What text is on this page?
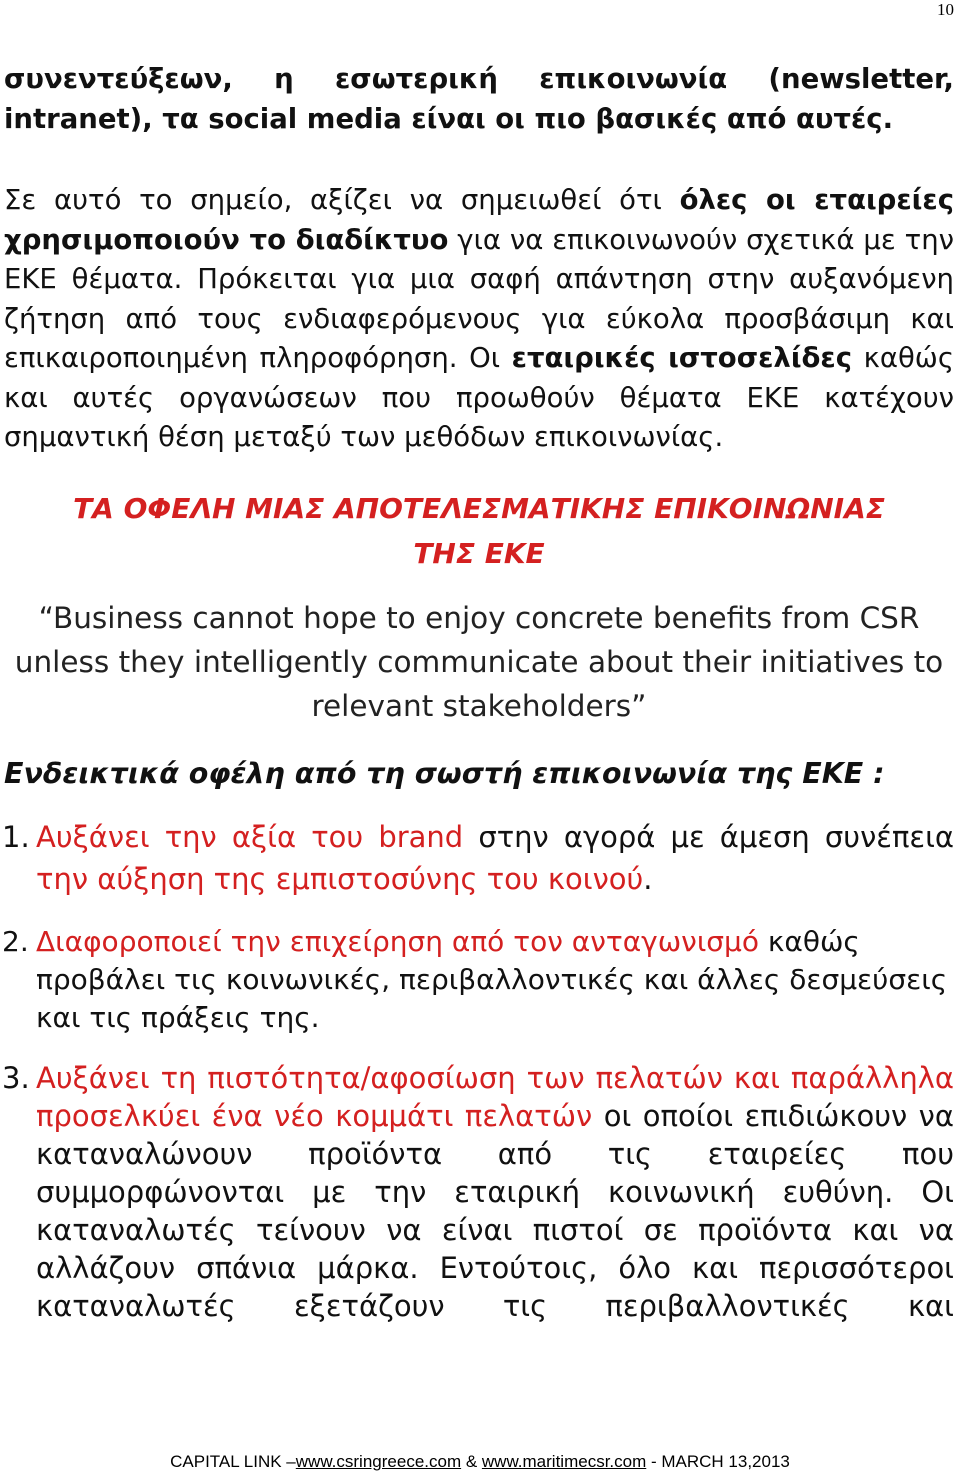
10

συνεντεύξεων, η εσωτερική επικοινωνία (newsletter, intranet), τα social media είναι οι πιο βασικές από αυτές.

Σε αυτό το σημείο, αξίζει να σημειωθεί ότι όλες οι εταιρείες χρησιμοποιούν το διαδίκτυο για να επικοινωνούν σχετικά με την ΕΚΕ θέματα. Πρόκειται για μια σαφή απάντηση στην αυξανόμενη ζήτηση από τους ενδιαφερόμενους για εύκολα προσβάσιμη και επικαιροποιημένη πληροφόρηση. Οι εταιρικές ιστοσελίδες καθώς και αυτές οργανώσεων που προωθούν θέματα ΕΚΕ κατέχουν σημαντική θέση μεταξύ των μεθόδων επικοινωνίας.

ΤΑ ΟΦΕΛΗ ΜΙΑΣ ΑΠΟΤΕΛΕΣΜΑΤΙΚΗΣ ΕΠΙΚΟΙΝΩΝΙΑΣ
ΤΗΣ ΕΚΕ

“Business cannot hope to enjoy concrete benefits from CSR unless they intelligently communicate about their initiatives to relevant stakeholders”

Ενδεικτικά οφέλη από τη σωστή επικοινωνία της ΕΚΕ :

1. Αυξάνει την αξία του brand στην αγορά με άμεση συνέπεια την αύξηση της εμπιστοσύνης του κοινού.
2. Διαφοροποιεί την επιχείρηση από τον ανταγωνισμό καθώς προβάλει τις κοινωνικές, περιβαλλοντικές και άλλες δεσμεύσεις και τις πράξεις της.
3. Αυξάνει τη πιστότητα/αφοσίωση των πελατών και παράλληλα προσελκύει ένα νέο κομμάτι πελατών οι οποίοι επιδιώκουν να καταναλώνουν προϊόντα από τις εταιρείες που συμμορφώνονται με την εταιρική κοινωνική ευθύνη. Οι καταναλωτές τείνουν να είναι πιστοί σε προϊόντα και να αλλάζουν σπάνια μάρκα. Εντούτοις, όλο και περισσότεροι καταναλωτές εξετάζουν τις περιβαλλοντικές και
CAPITAL LINK –www.csringreece.com & www.maritimecsr.com - MARCH 13,2013
